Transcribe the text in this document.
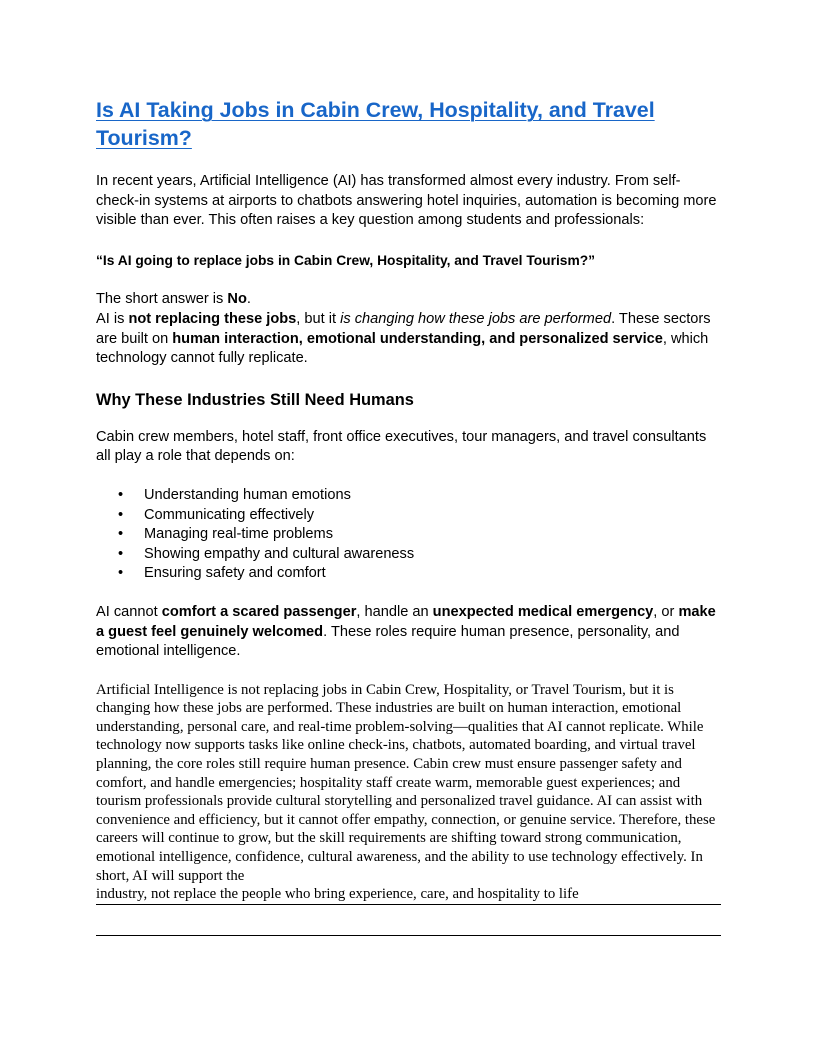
Is AI Taking Jobs in Cabin Crew, Hospitality, and Travel Tourism?

In recent years, Artificial Intelligence (AI) has transformed almost every industry. From self-check-in systems at airports to chatbots answering hotel inquiries, automation is becoming more visible than ever. This often raises a key question among students and professionals:

“Is AI going to replace jobs in Cabin Crew, Hospitality, and Travel Tourism?”

The short answer is No.

AI is not replacing these jobs, but it is changing how these jobs are performed. These sectors are built on human interaction, emotional understanding, and personalized service, which technology cannot fully replicate.

Why These Industries Still Need Humans

Cabin crew members, hotel staff, front office executives, tour managers, and travel consultants all play a role that depends on:

• Understanding human emotions
• Communicating effectively
• Managing real-time problems
• Showing empathy and cultural awareness
• Ensuring safety and comfort

AI cannot comfort a scared passenger, handle an unexpected medical emergency, or make a guest feel genuinely welcomed. These roles require human presence, personality, and emotional intelligence.

Artificial Intelligence is not replacing jobs in Cabin Crew, Hospitality, or Travel Tourism, but it is changing how these jobs are performed. These industries are built on human interaction, emotional understanding, personal care, and real-time problem-solving—qualities that AI cannot replicate. While technology now supports tasks like online check-ins, chatbots, automated boarding, and virtual travel planning, the core roles still require human presence. Cabin crew must ensure passenger safety and comfort, and handle emergencies; hospitality staff create warm, memorable guest experiences; and tourism professionals provide cultural storytelling and personalized travel guidance. AI can assist with convenience and efficiency, but it cannot offer empathy, connection, or genuine service. Therefore, these careers will continue to grow, but the skill requirements are shifting toward strong communication, emotional intelligence, confidence, cultural awareness, and the ability to use technology effectively. In short, AI will support the
industry, not replace the people who bring experience, care, and hospitality to life
